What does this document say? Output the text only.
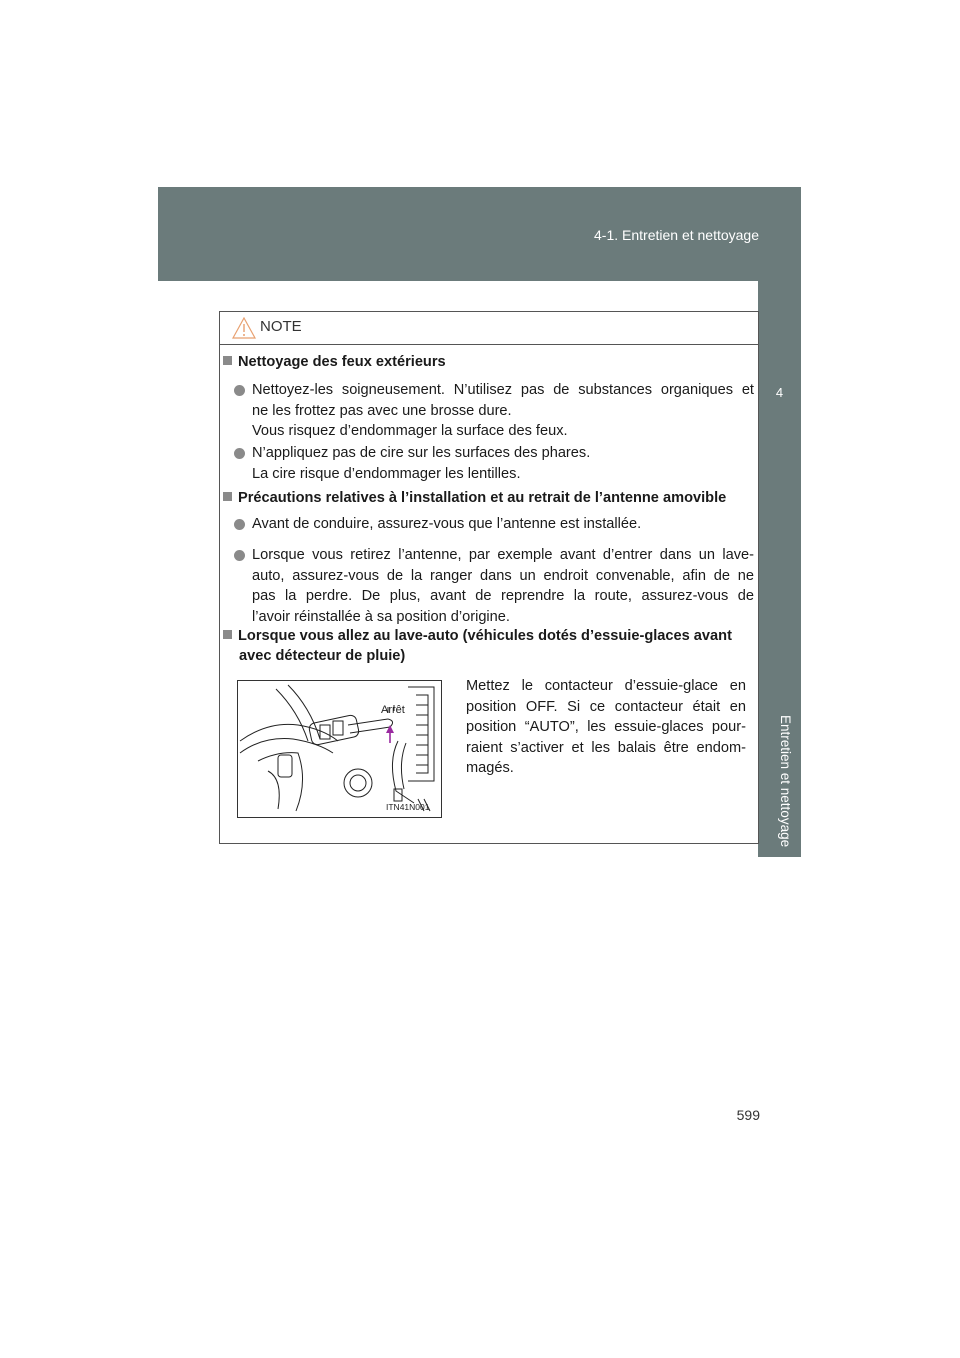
4-1. Entretien et nettoyage
4
Entretien et nettoyage
NOTE
Nettoyage des feux extérieurs
Nettoyez-les soigneusement. N’utilisez pas de substances organiques et
ne les frottez pas avec une brosse dure.
Vous risquez d’endommager la surface des feux.
N’appliquez pas de cire sur les surfaces des phares.
La cire risque d’endommager les lentilles.
Précautions relatives à l’installation et au retrait de l’antenne amovible
Avant de conduire, assurez-vous que l’antenne est installée.
Lorsque vous retirez l’antenne, par exemple avant d’entrer dans un lave-
auto, assurez-vous de la ranger dans un endroit convenable, afin de ne
pas la perdre. De plus, avant de reprendre la route, assurez-vous de
l’avoir réinstallée à sa position d’origine.
Lorsque vous allez au lave-auto (véhicules dotés d’essuie-glaces avant
avec détecteur de pluie)
Arrêt
ITN41N001
Mettez le contacteur d’essuie-glace en
position OFF. Si ce contacteur était en
position “AUTO”, les essuie-glaces pour-
raient s’activer et les balais être endom-
magés.
599
